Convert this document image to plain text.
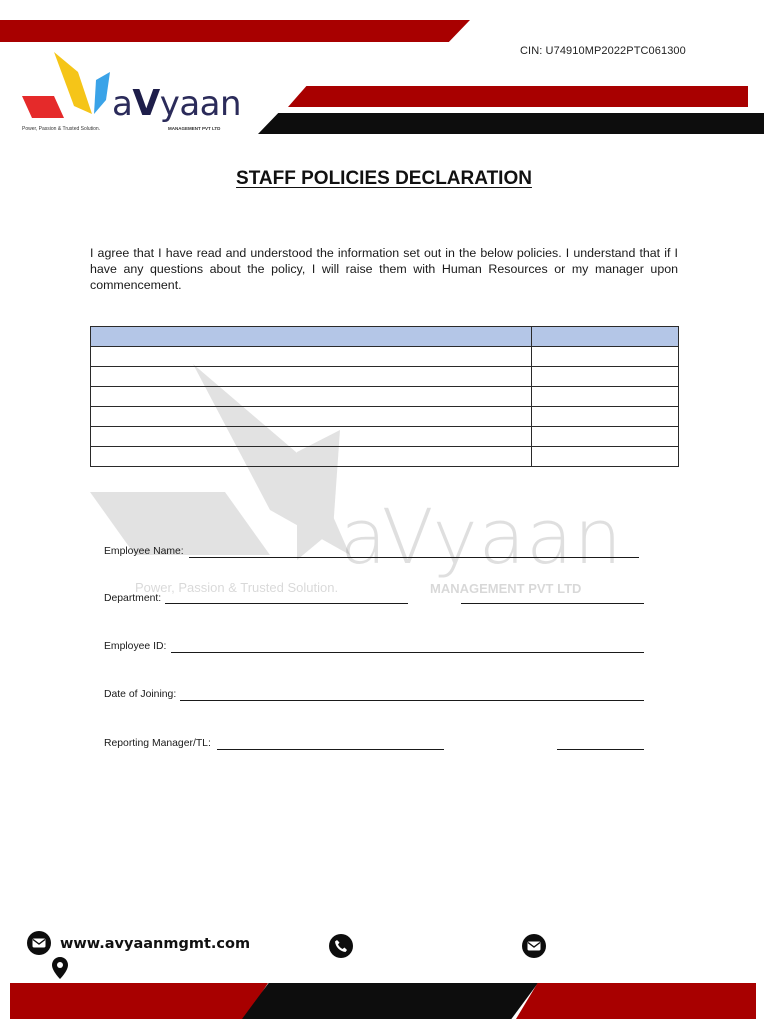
CIN: U74910MP2022PTC061300
aVyaan
Power, Passion & Trusted Solution.	MANAGEMENT PVT LTD
aVyaan
Power, Passion & Trusted Solution.	MANAGEMENT PVT LTD
STAFF POLICIES DECLARATION
I agree that I have read and understood the information set out in the below policies. I understand that if I have any questions about the policy, I will raise them with Human Resources or my manager upon commencement.

Employee Name:
Department:
Employee ID:
Date of Joining:
Reporting Manager/TL:
www.avyaanmgmt.com
